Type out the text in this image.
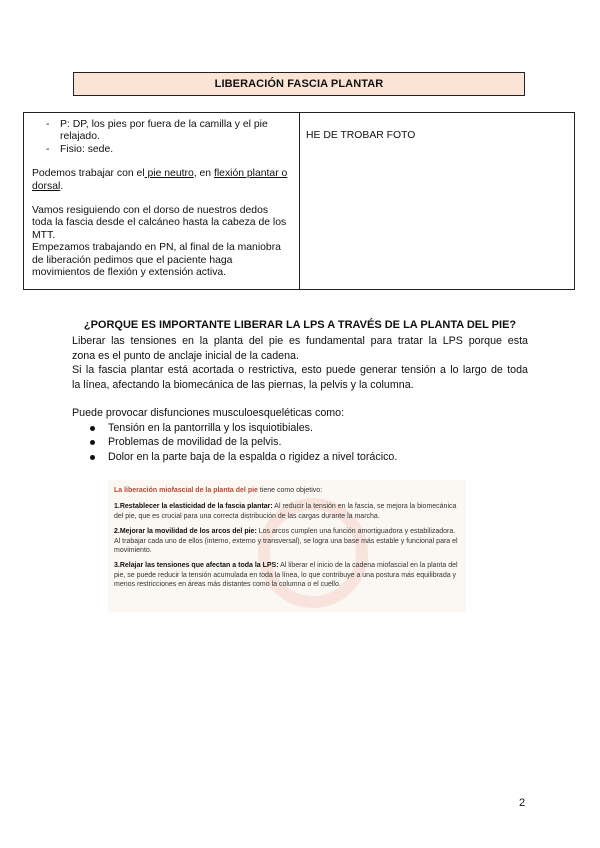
LIBERACIÓN FASCIA PLANTAR
- P: DP, los pies por fuera de la camilla y el pie relajado.
- Fisio: sede.

Podemos trabajar con el pie neutro, en flexión plantar o dorsal.

Vamos resiguiendo con el dorso de nuestros dedos toda la fascia desde el calcáneo hasta la cabeza de los MTT.

Empezamos trabajando en PN, al final de la maniobra de liberación pedimos que el paciente haga movimientos de flexión y extensión activa.

HE DE TROBAR FOTO
¿PORQUE ES IMPORTANTE LIBERAR LA LPS A TRAVÉS DE LA PLANTA DEL PIE?
Liberar las tensiones en la planta del pie es fundamental para tratar la LPS porque esta
zona es el punto de anclaje inicial de la cadena.
Si la fascia plantar está acortada o restrictiva, esto puede generar tensión a lo largo de toda
la línea, afectando la biomecánica de las piernas, la pelvis y la columna.
Puede provocar disfunciones musculoesqueléticas como:
Tensión en la pantorrilla y los isquiotibiales.
Problemas de movilidad de la pelvis.
Dolor en la parte baja de la espalda o rigidez a nivel torácico.
La liberación miofascial de la planta del pie tiene como objetivo:
1.Restablecer la elasticidad de la fascia plantar: Al reducir la tensión en la fascia, se mejora la biomecánica del pie, que es crucial para una correcta distribución de las cargas durante la marcha.
2.Mejorar la movilidad de los arcos del pie: Los arcos cumplen una función amortiguadora y estabilizadora. Al trabajar cada uno de ellos (interno, externo y transversal), se logra una base más estable y funcional para el movimiento.
3.Relajar las tensiones que afectan a toda la LPS: Al liberar el inicio de la cadena miofascial en la planta del pie, se puede reducir la tensión acumulada en toda la línea, lo que contribuye a una postura más equilibrada y menos restricciones en áreas más distantes como la columna o el cuello.
2
